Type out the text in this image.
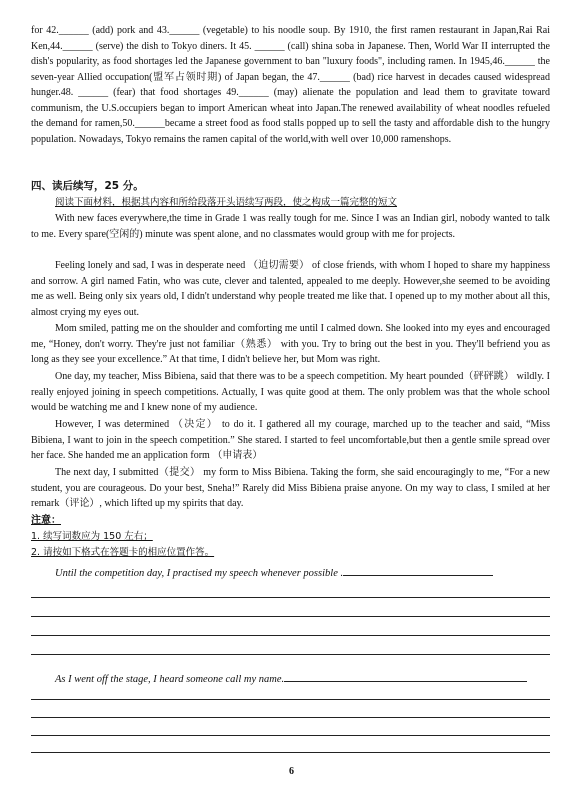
for 42.______ (add) pork and 43.______ (vegetable) to his noodle soup. By 1910, the first ramen restaurant in Japan,Rai Rai Ken,44.______ (serve) the dish to Tokyo diners. It 45. ______ (call) shina soba in Japanese. Then, World War II interrupted the dish's popularity, as food shortages led the Japanese government to ban "luxury foods", including ramen. In 1945,46.______ the seven-year Allied occupation(盟军占领时期) of Japan began, the 47.______ (bad) rice harvest in decades caused widespread hunger.48. ______ (fear) that food shortages 49.______ (may) alienate the population and lead them to gravitate toward communism, the U.S.occupiers began to import American wheat into Japan.The renewed availability of wheat noodles refueled the demand for ramen,50.______became a street food as food stalls popped up to sell the tasty and affordable dish to the hungry population. Nowadays, Tokyo remains the ramen capital of the world,with well over 10,000 ramenshops.

四、读后续写，25 分。

阅读下面材料，根据其内容和所给段落开头语续写两段，使之构成一篇完整的短文

With new faces everywhere,the time in Grade 1 was really tough for me. Since I was an Indian girl, nobody wanted to talk to me. Every spare(空闲的) minute was spent alone, and no classmates would group with me for projects.

Feeling lonely and sad, I was in desperate need （迫切需要） of close friends, with whom I hoped to share my happiness and sorrow. A girl named Fatin, who was cute, clever and talented, appealed to me deeply. However,she seemed to be avoiding me as well. Being only six years old, I didn't understand why people treated me like that. I opened up to my mother about all this, almost crying my eyes out.

Mom smiled, patting me on the shoulder and comforting me until I calmed down. She looked into my eyes and encouraged me, “Honey, don't worry. They're just not familiar（熟悉） with you. Try to bring out the best in you. They'll befriend you as long as they see your excellence.” At that time, I didn't believe her, but Mom was right.

One day, my teacher, Miss Bibiena, said that there was to be a speech competition. My heart pounded（砰砰跳） wildly. I really enjoyed joining in speech competitions. Actually, I was quite good at them. The only problem was that the whole school would be watching me and I knew none of my audience.

However, I was determined （决定） to do it. I gathered all my courage, marched up to the teacher and said, “Miss Bibiena, I want to join in the speech competition.” She stared. I started to feel uncomfortable,but then a gentle smile spread over her face. She handed me an application form （申请表）

The next day, I submitted（提交） my form to Miss Bibiena. Taking the form, she said encouragingly to me, “For a new student, you are courageous. Do your best, Sneha!” Rarely did Miss Bibiena praise anyone. On my way to class, I smiled at her remark（评论）, which lifted up my spirits that day.

注意：

1. 续写词数应为 150 左右；

2. 请按如下格式在答题卡的相应位置作答。

Until the competition day, I practised my speech whenever possible .

As I went off the stage, I heard someone call my name.

6
